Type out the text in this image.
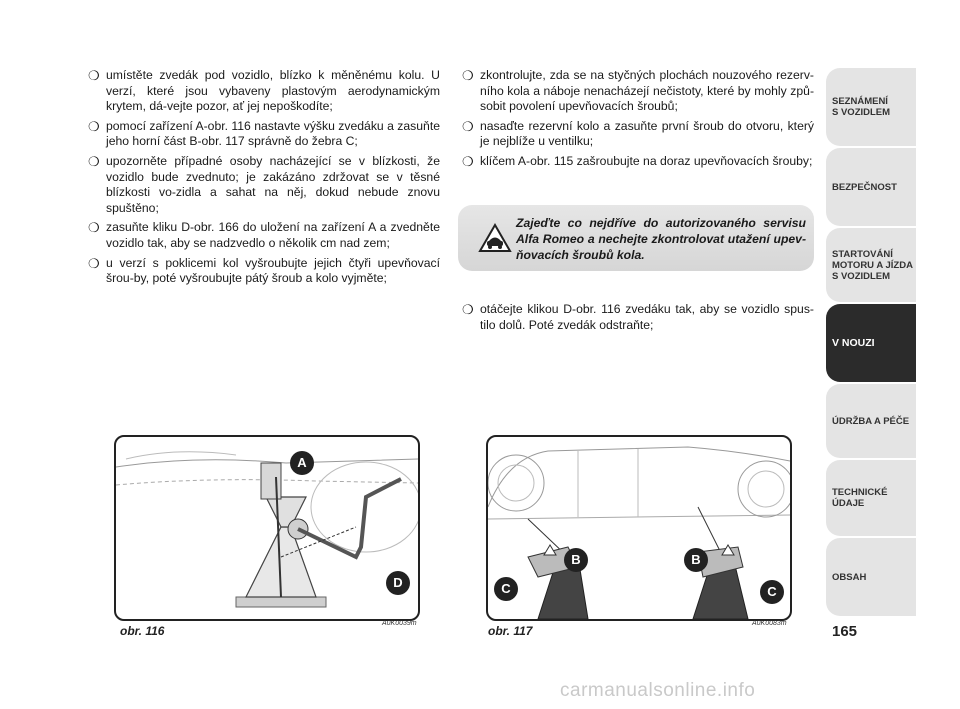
❍ umístěte zvedák pod vozidlo, blízko k měněnému kolu. U verzí, které jsou vybaveny plastovým aerodynamickým krytem, dá-vejte pozor, ať jej nepoškodíte;
❍ pomocí zařízení A-obr. 116 nastavte výšku zvedáku a zasuňte jeho horní část B-obr. 117 správně do žebra C;
❍ upozorněte případné osoby nacházející se v blízkosti, že vozidlo bude zvednuto; je zakázáno zdržovat se v těsné blízkosti vo-zidla a sahat na něj, dokud nebude znovu spuštěno;
❍ zasuňte kliku D-obr. 166 do uložení na zařízení A a zvedněte vozidlo tak, aby se nadzvedlo o několik cm nad zem;
❍ u verzí s poklicemi kol vyšroubujte jejich čtyři upevňovací šrou-by, poté vyšroubujte pátý šroub a kolo vyjměte;
❍ zkontrolujte, zda se na styčných plochách nouzového rezerv-ního kola a náboje nenacházejí nečistoty, které by mohly způ-sobit povolení upevňovacích šroubů;
❍ nasaďte rezervní kolo a zasuňte první šroub do otvoru, který je nejblíže u ventilku;
❍ klíčem A-obr. 115 zašroubujte na doraz upevňovacích šrouby;
Zajeďte co nejdříve do autorizovaného servisu Alfa Romeo a nechejte zkontrolovat utažení upev-ňovacích šroubů kola.
❍ otáčejte klikou D-obr. 116 zvedáku tak, aby se vozidlo spus-tilo dolů. Poté zvedák odstraňte;
A
D
obr. 116
A0K0039m
B
C
B
C
obr. 117
A0K0083m
SEZNÁMENÍ
S VOZIDLEM
BEZPEČNOST
STARTOVÁNÍ
MOTORU A JÍZDA
S VOZIDLEM
V NOUZI
ÚDRŽBA A PÉČE
TECHNICKÉ
ÚDAJE
OBSAH
165
carmanualsonline.info
